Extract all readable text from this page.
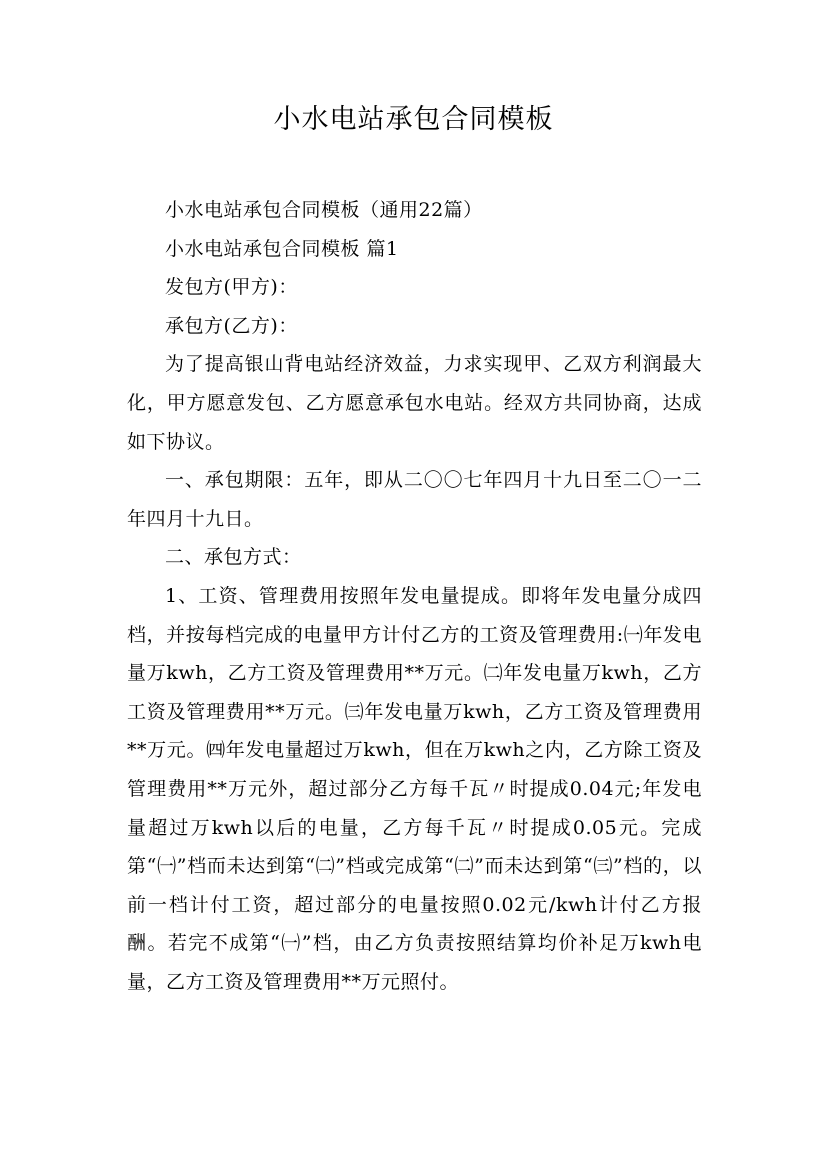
小水电站承包合同模板

小水电站承包合同模板（通用22篇）

小水电站承包合同模板 篇1

发包方(甲方)：

承包方(乙方)：

为了提高银山背电站经济效益，力求实现甲、乙双方利润最大化，甲方愿意发包、乙方愿意承包水电站。经双方共同协商，达成如下协议。

一、承包期限：五年，即从二〇〇七年四月十九日至二〇一二年四月十九日。

二、承包方式：

1、工资、管理费用按照年发电量提成。即将年发电量分成四档，并按每档完成的电量甲方计付乙方的工资及管理费用:㈠年发电量万kwh，乙方工资及管理费用**万元。㈡年发电量万kwh，乙方工资及管理费用**万元。㈢年发电量万kwh，乙方工资及管理费用**万元。㈣年发电量超过万kwh，但在万kwh之内，乙方除工资及管理费用**万元外，超过部分乙方每千瓦〃时提成0.04元;年发电量超过万kwh以后的电量，乙方每千瓦〃时提成0.05元。完成第“㈠”档而未达到第“㈡”档或完成第“㈡”而未达到第“㈢”档的，以前一档计付工资，超过部分的电量按照0.02元/kwh计付乙方报酬。若完不成第“㈠”档，由乙方负责按照结算均价补足万kwh电量，乙方工资及管理费用**万元照付。
